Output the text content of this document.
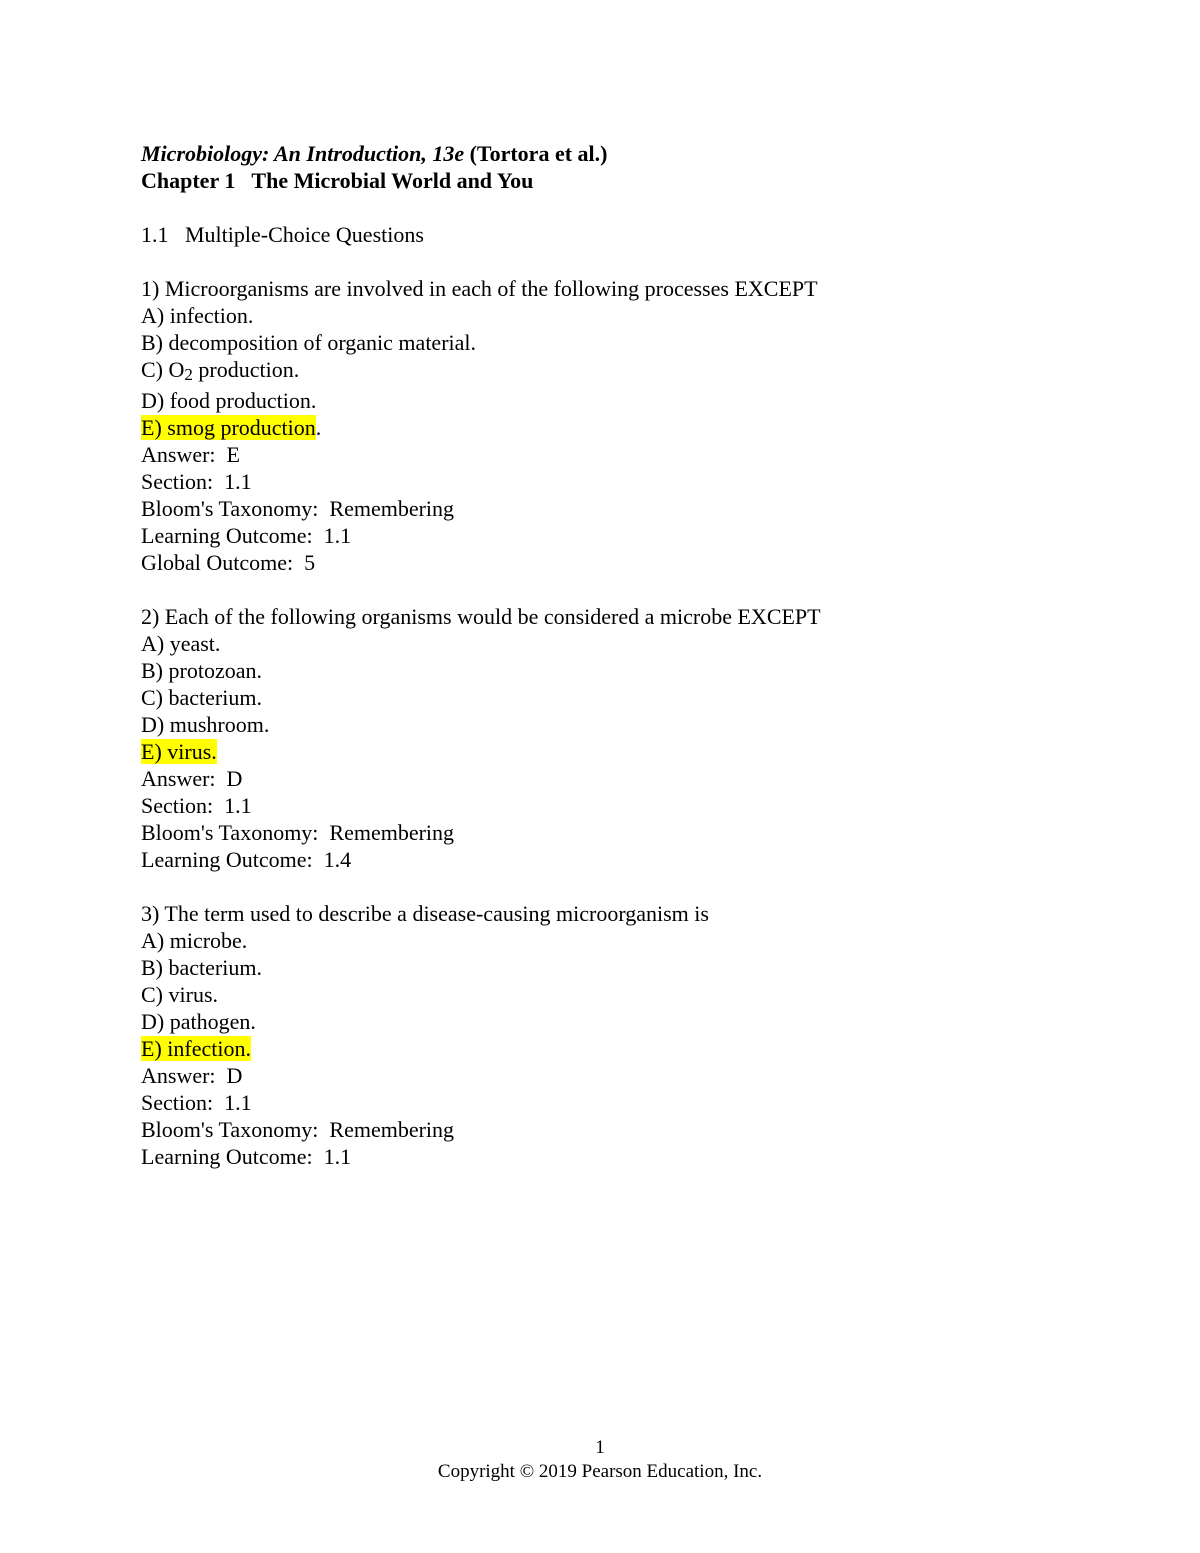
Microbiology: An Introduction, 13e (Tortora et al.)
Chapter 1   The Microbial World and You
1.1   Multiple-Choice Questions
1) Microorganisms are involved in each of the following processes EXCEPT
A) infection.
B) decomposition of organic material.
C) $O_2$ production.
D) food production.
E) smog production.
Answer:  E
Section:  1.1
Bloom's Taxonomy:  Remembering
Learning Outcome:  1.1
Global Outcome:  5
2) Each of the following organisms would be considered a microbe EXCEPT
A) yeast.
B) protozoan.
C) bacterium.
D) mushroom.
E) virus.
Answer:  D
Section:  1.1
Bloom's Taxonomy:  Remembering
Learning Outcome:  1.4
3) The term used to describe a disease-causing microorganism is
A) microbe.
B) bacterium.
C) virus.
D) pathogen.
E) infection.
Answer:  D
Section:  1.1
Bloom's Taxonomy:  Remembering
Learning Outcome:  1.1
1
Copyright © 2019 Pearson Education, Inc.
